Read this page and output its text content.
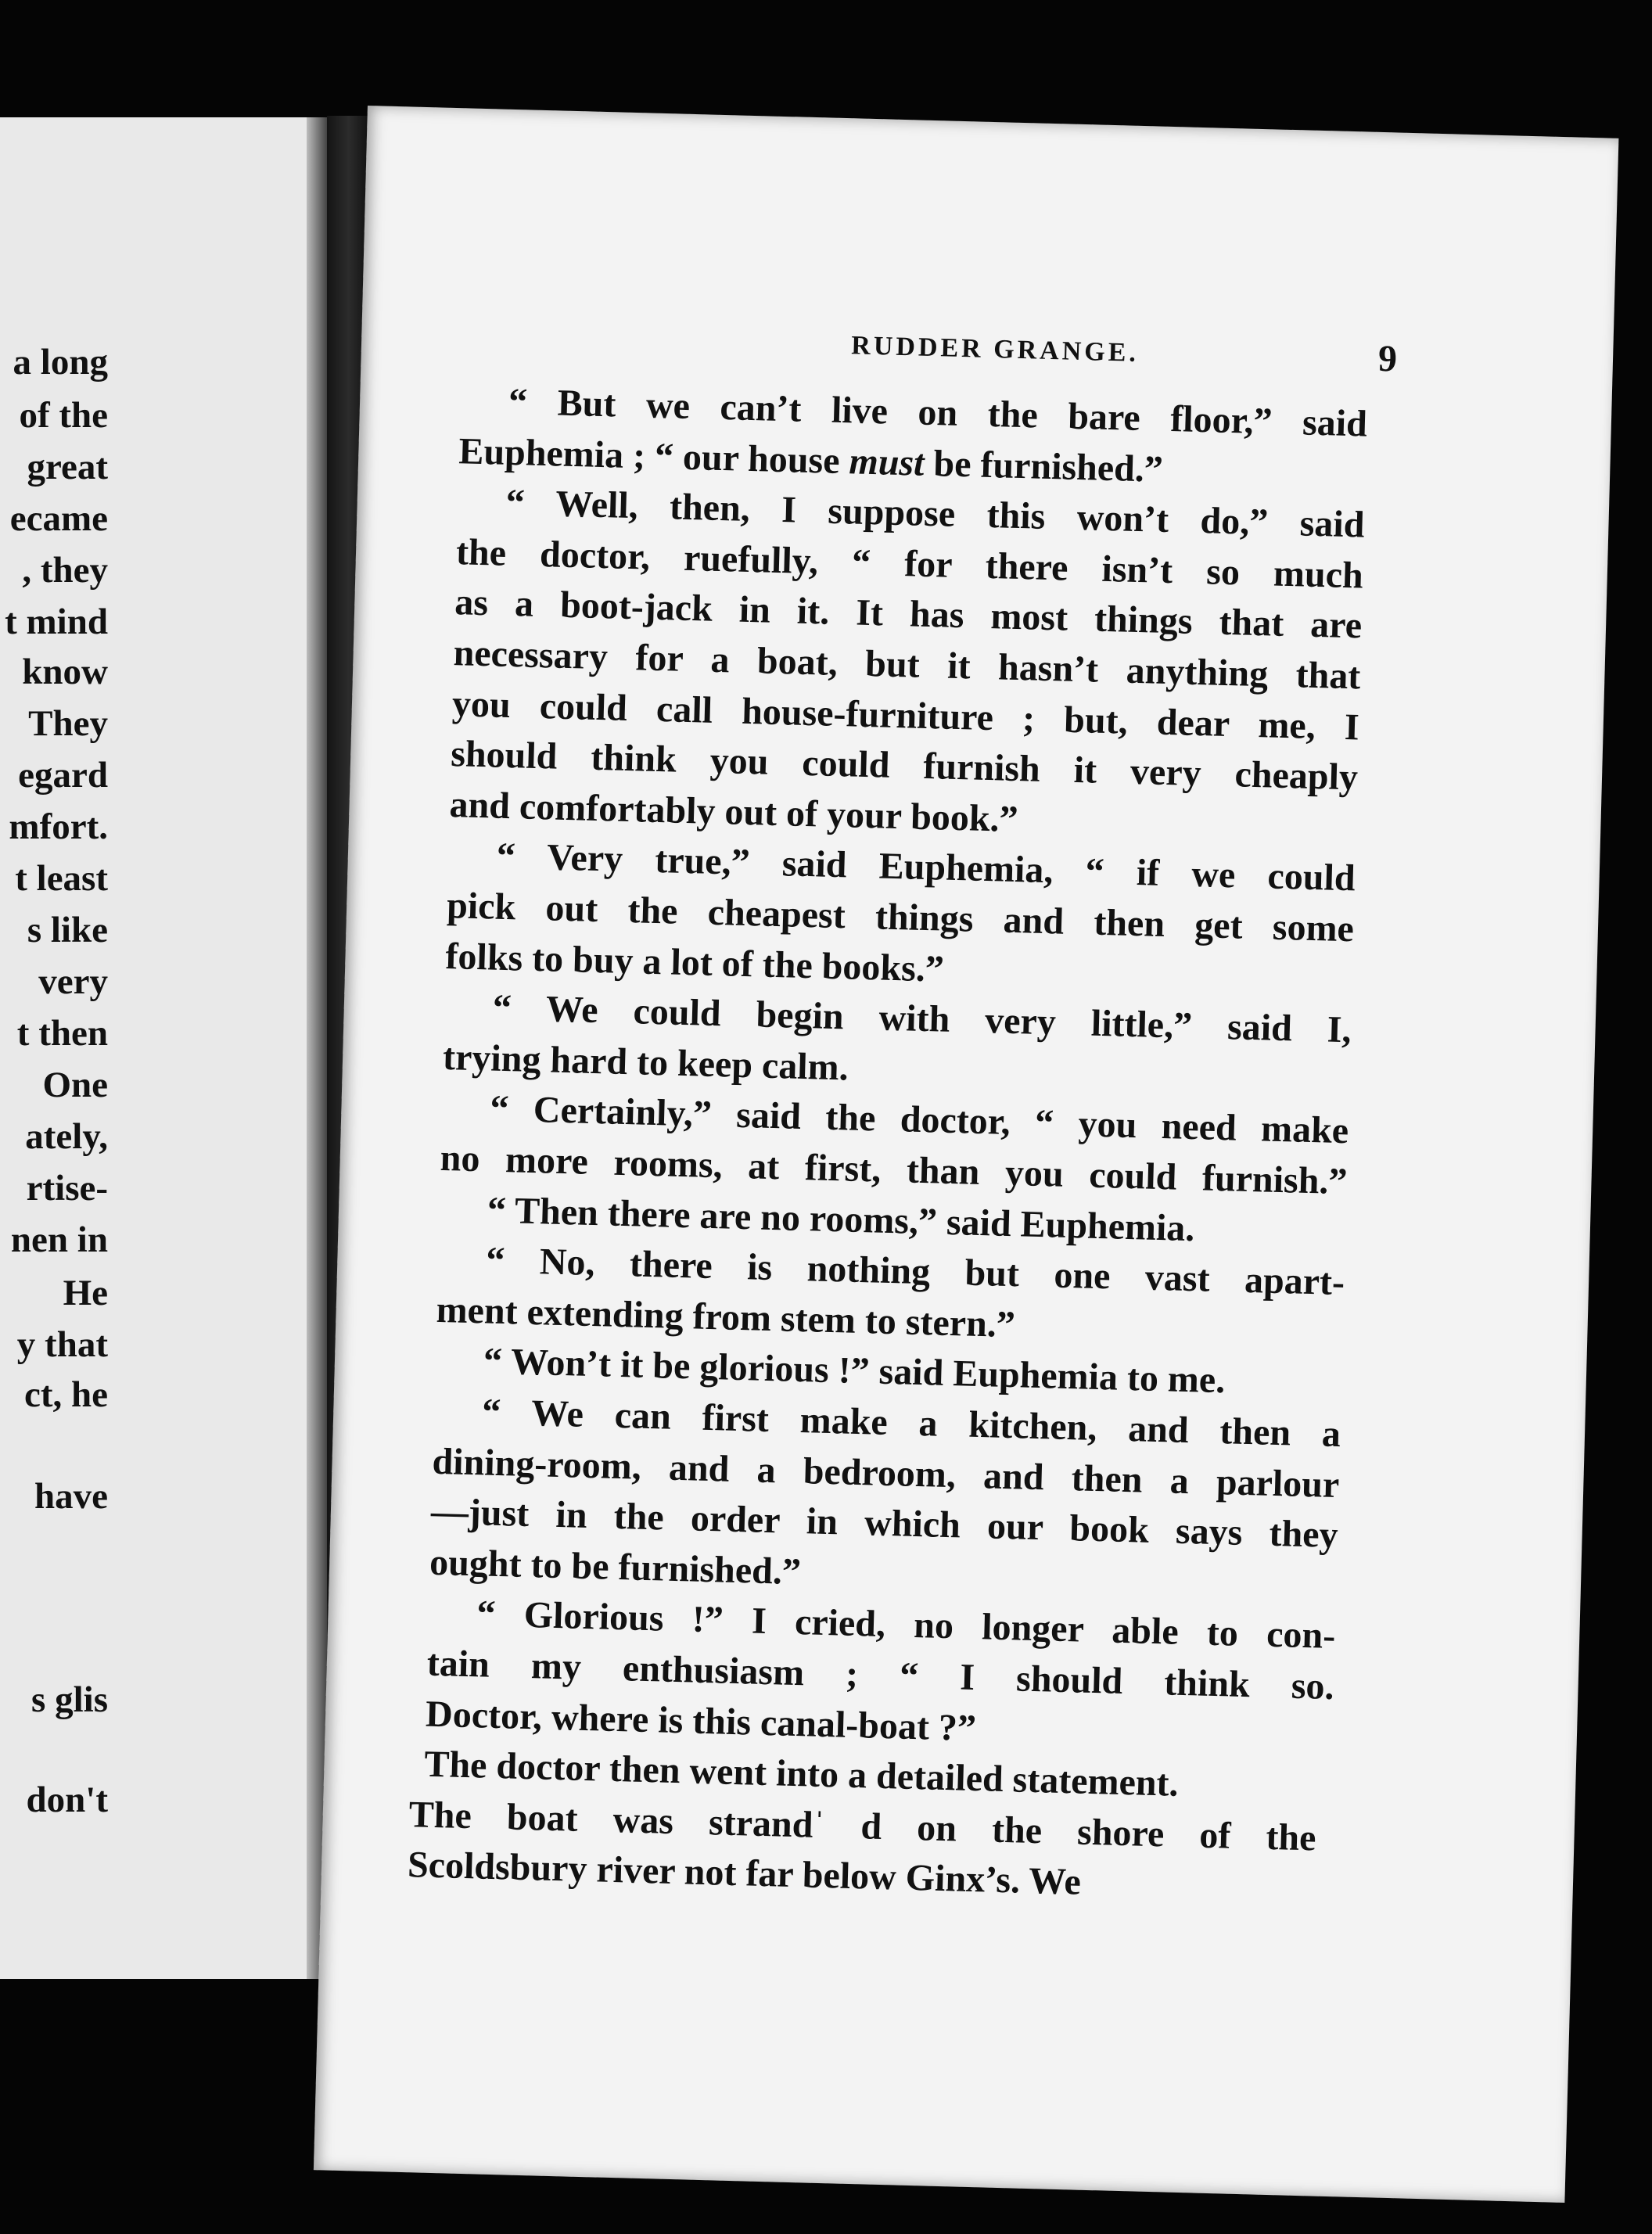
a long
of the
great
ecame
, they
t mind
know
They
egard
mfort.
t least
s like
very
t then
One
ately,
rtise-
nen in
He
y that
ct, he
have
s glis
don't
RUDDER GRANGE.	9
“ But we can’t live on the bare floor,” said
Euphemia ; “ our house must be furnished.”
“ Well, then, I suppose this won’t do,” said
the doctor, ruefully, “ for there isn’t so much
as a boot-jack in it. It has most things that are
necessary for a boat, but it hasn’t anything that
you could call house-furniture ; but, dear me, I
should think you could furnish it very cheaply
and comfortably out of your book.”
“ Very true,” said Euphemia, “ if we could
pick out the cheapest things and then get some
folks to buy a lot of the books.”
“ We could begin with very little,” said I,
trying hard to keep calm.
“ Certainly,” said the doctor, “ you need make
no more rooms, at first, than you could furnish.”
“ Then there are no rooms,” said Euphemia.
“ No, there is nothing but one vast apart-
ment extending from stem to stern.”
“ Won’t it be glorious !” said Euphemia to me.
“ We can first make a kitchen, and then a
dining-room, and a bedroom, and then a parlour
—just in the order in which our book says they
ought to be furnished.”
“ Glorious !” I cried, no longer able to con-
tain my enthusiasm ; “ I should think so.
Doctor, where is this canal-boat ?”
The doctor then went into a detailed statement.
The boat was strandˈ d on the shore of the
Scoldsbury river not far below Ginx’s. We
